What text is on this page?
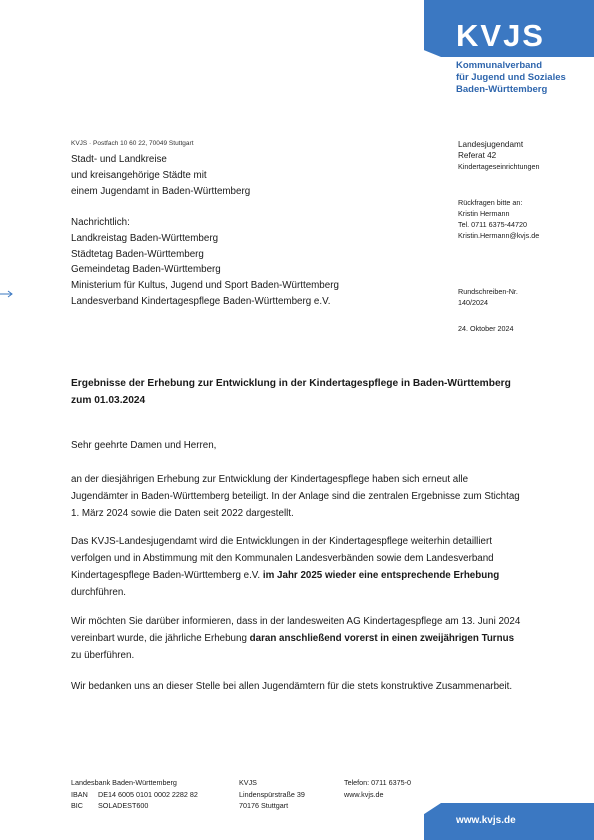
KVJS
Kommunalverband
für Jugend und Soziales
Baden-Württemberg
KVJS · Postfach 10 60 22, 70049 Stuttgart
Stadt- und Landkreise
und kreisangehörige Städte mit
einem Jugendamt in Baden-Württemberg
Nachrichtlich:
Landkreistag Baden-Württemberg
Städtetag Baden-Württemberg
Gemeindetag Baden-Württemberg
Ministerium für Kultus, Jugend und Sport Baden-Württemberg
Landesverband Kindertagespflege Baden-Württemberg e.V.
Landesjugendamt
Referat 42
Kindertageseinrichtungen
Rückfragen bitte an:
Kristin Hermann
Tel. 0711 6375-44720
Kristin.Hermann@kvjs.de
Rundschreiben-Nr.
140/2024
24. Oktober 2024
Ergebnisse der Erhebung zur Entwicklung in der Kindertagespflege in Baden-Württemberg zum 01.03.2024
Sehr geehrte Damen und Herren,
an der diesjährigen Erhebung zur Entwicklung der Kindertagespflege haben sich erneut alle Jugendämter in Baden-Württemberg beteiligt. In der Anlage sind die zentralen Ergebnisse zum Stichtag 1. März 2024 sowie die Daten seit 2022 dargestellt.
Das KVJS-Landesjugendamt wird die Entwicklungen in der Kindertagespflege weiterhin detailliert verfolgen und in Abstimmung mit den Kommunalen Landesverbänden sowie dem Landesverband Kindertagespflege Baden-Württemberg e.V. im Jahr 2025 wieder eine entsprechende Erhebung durchführen.
Wir möchten Sie darüber informieren, dass in der landesweiten AG Kindertagespflege am 13. Juni 2024 vereinbart wurde, die jährliche Erhebung daran anschließend vorerst in einen zweijährigen Turnus zu überführen.
Wir bedanken uns an dieser Stelle bei allen Jugendämtern für die stets konstruktive Zusammenarbeit.
Landesbank Baden-Württemberg
IBAN DE14 6005 0101 0002 2282 82
BIC SOLADEST600
KVJS
Lindenspürstraße 39
70176 Stuttgart
Telefon: 0711 6375-0
www.kvjs.de
www.kvjs.de
